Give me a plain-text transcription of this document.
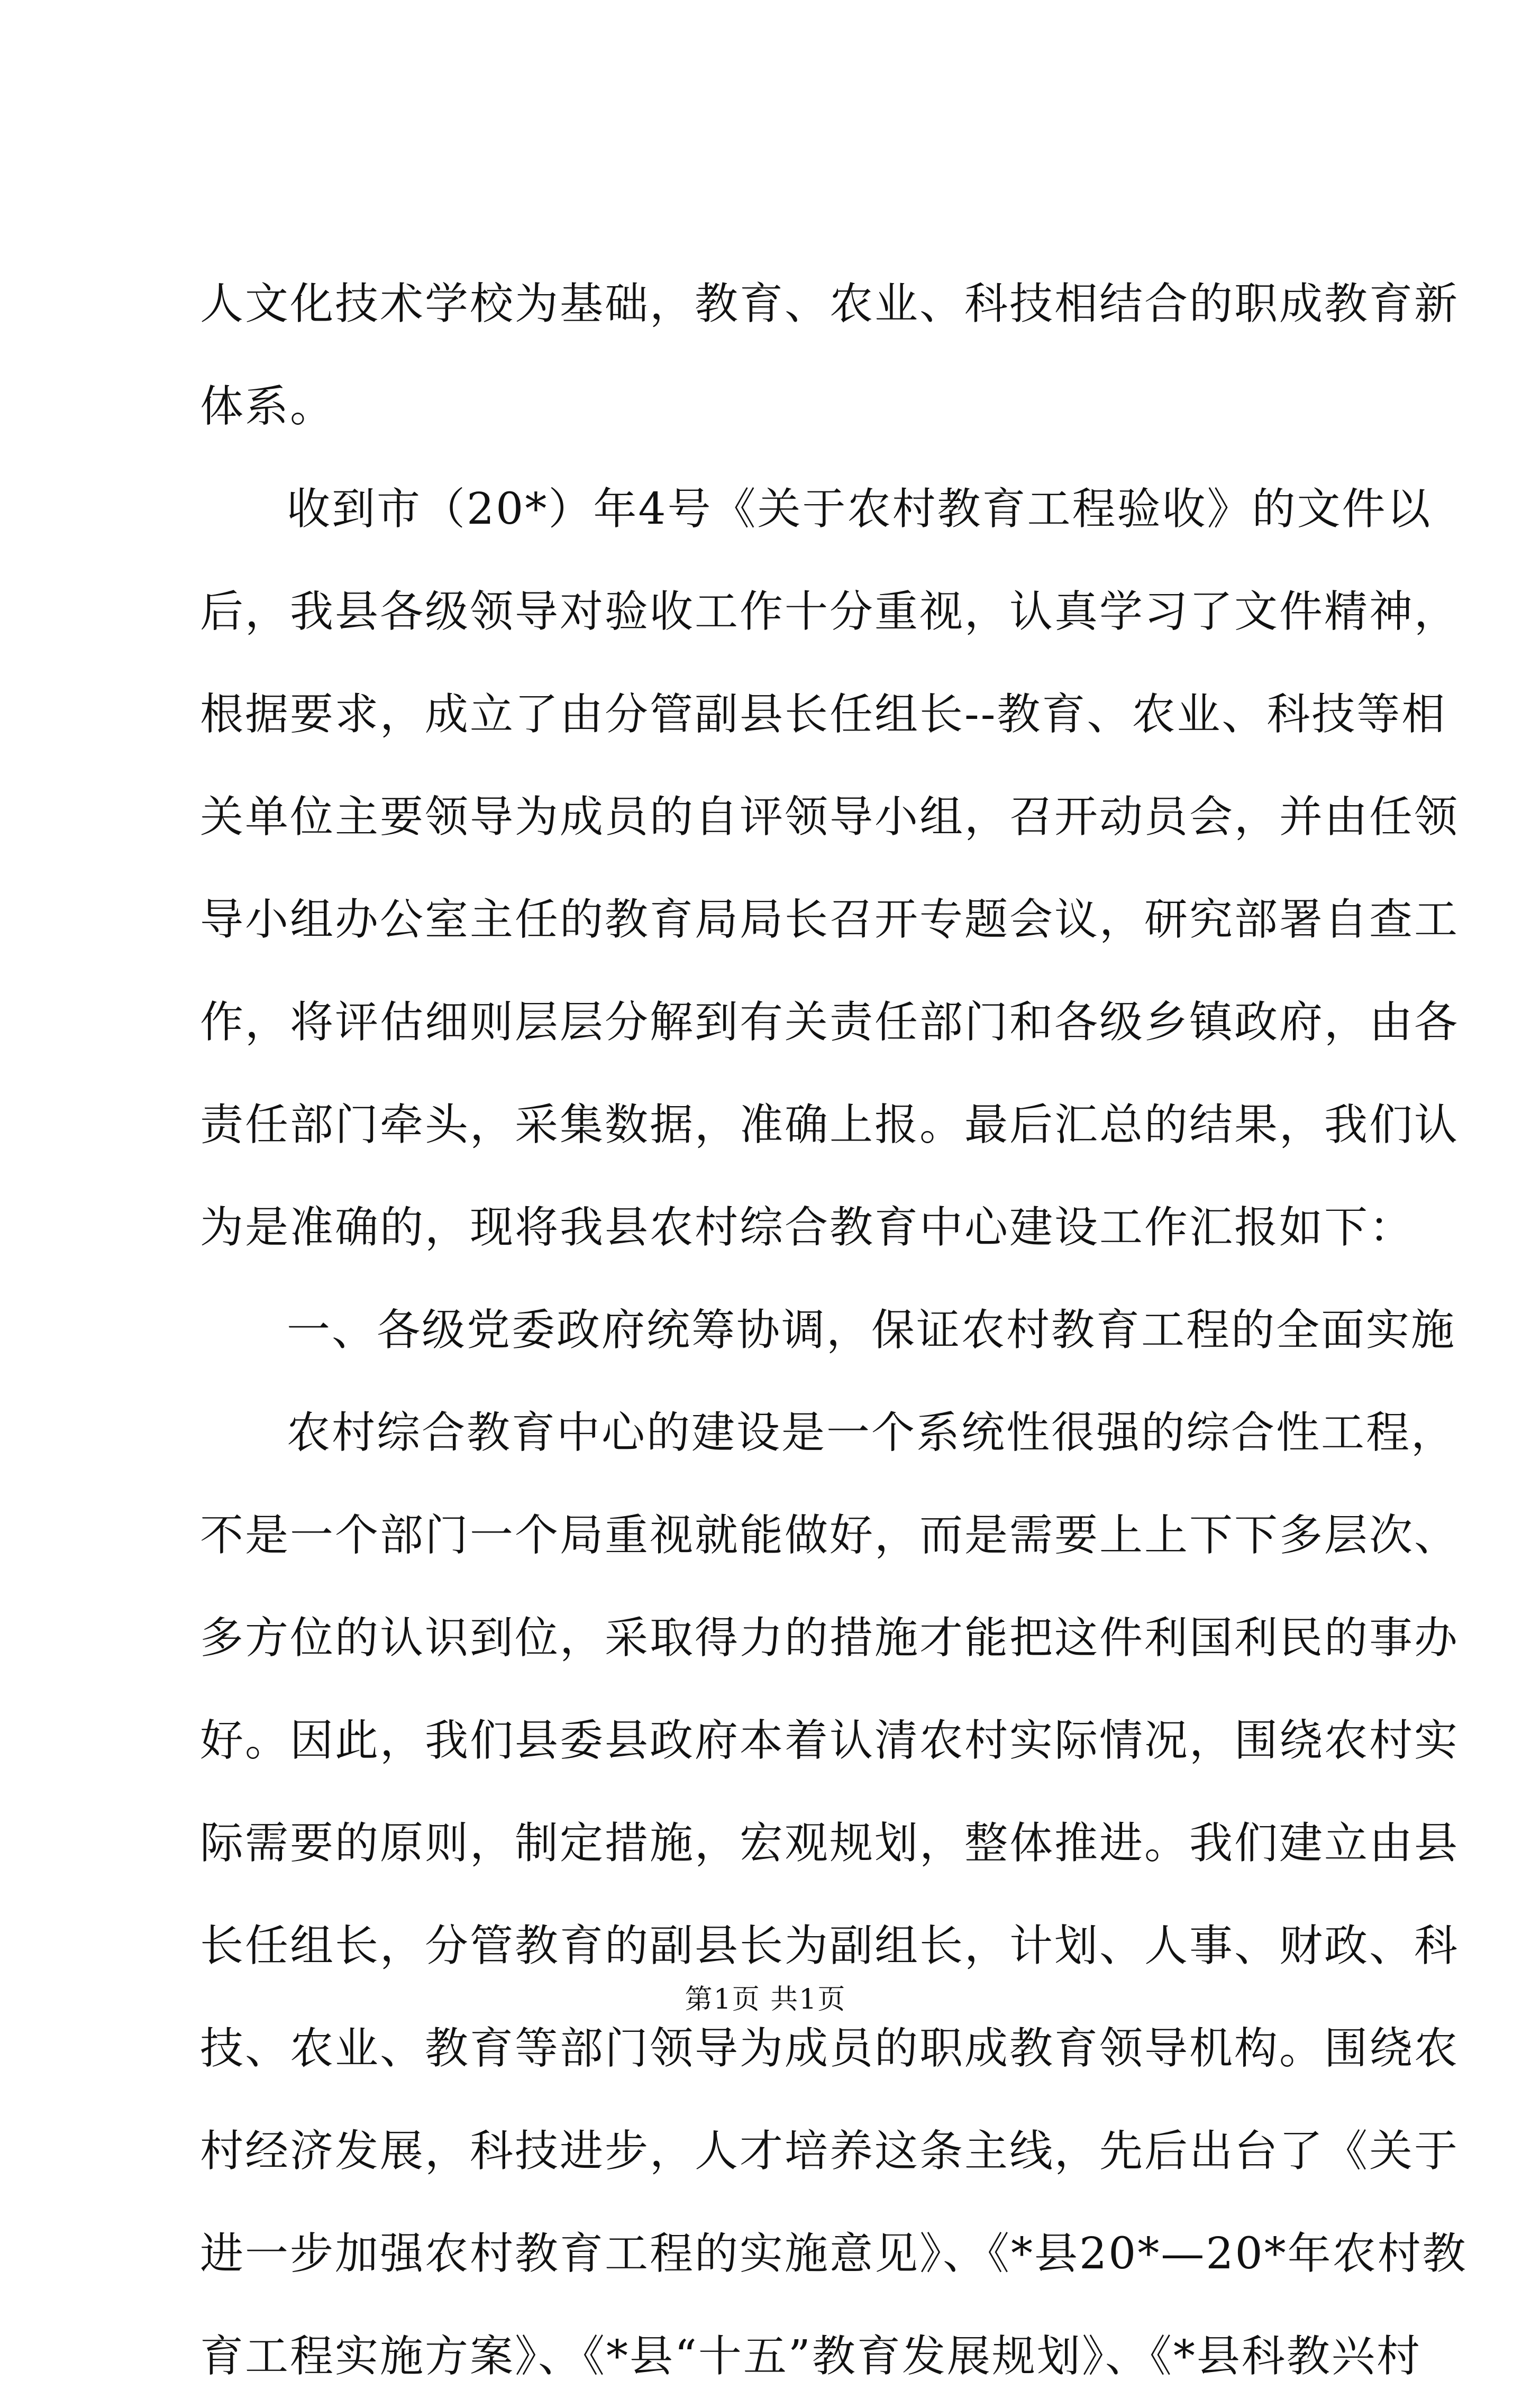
人文化技术学校为基础，教育、农业、科技相结合的职成教育新
体系。
收到市（20*）年4号《关于农村教育工程验收》的文件以
后，我县各级领导对验收工作十分重视，认真学习了文件精神，
根据要求，成立了由分管副县长任组长--教育、农业、科技等相
关单位主要领导为成员的自评领导小组，召开动员会，并由任领
导小组办公室主任的教育局局长召开专题会议，研究部署自查工
作，将评估细则层层分解到有关责任部门和各级乡镇政府，由各
责任部门牵头，采集数据，准确上报。最后汇总的结果，我们认
为是准确的，现将我县农村综合教育中心建设工作汇报如下：
一、各级党委政府统筹协调，保证农村教育工程的全面实施
农村综合教育中心的建设是一个系统性很强的综合性工程，
不是一个部门一个局重视就能做好，而是需要上上下下多层次、
多方位的认识到位，采取得力的措施才能把这件利国利民的事办
好。因此，我们县委县政府本着认清农村实际情况，围绕农村实
际需要的原则，制定措施，宏观规划，整体推进。我们建立由县
长任组长，分管教育的副县长为副组长，计划、人事、财政、科
技、农业、教育等部门领导为成员的职成教育领导机构。围绕农
村经济发展，科技进步，人才培养这条主线，先后出台了《关于
进一步加强农村教育工程的实施意见》、《*县20*—20*年农村教
育工程实施方案》、《*县“十五”教育发展规划》、《*县科教兴村
第1页 共1页
